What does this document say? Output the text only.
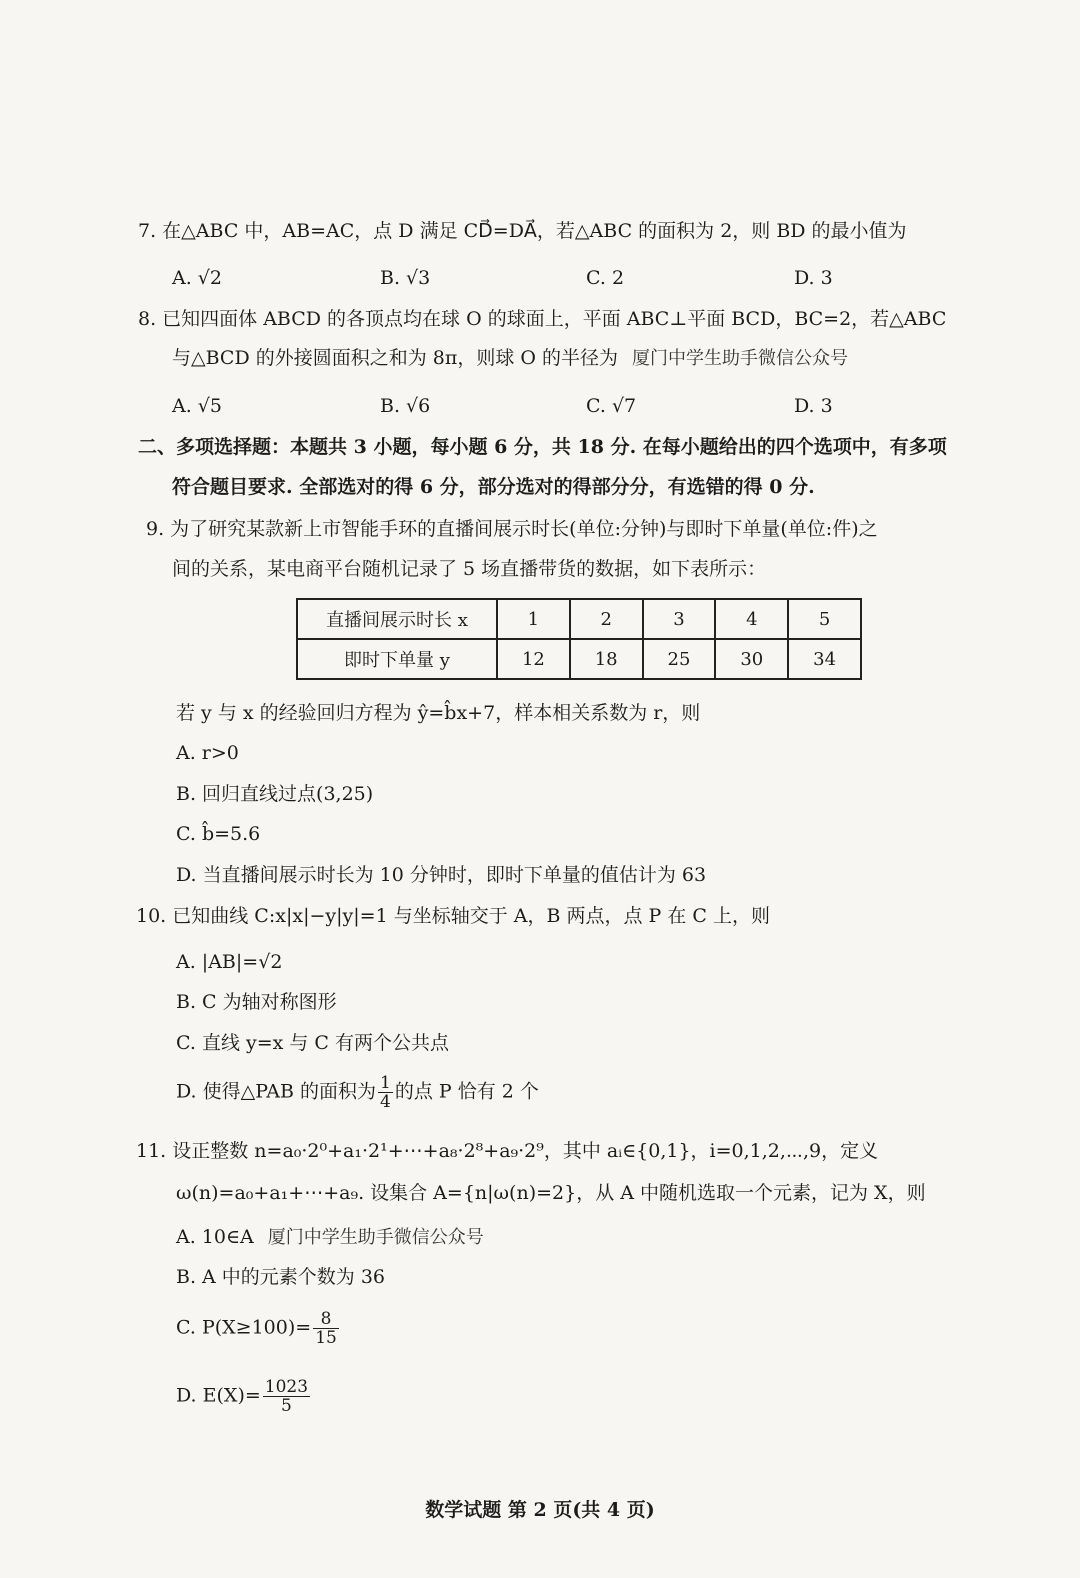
7. 在△ABC 中，AB=AC，点 D 满足 CD⃗=DA⃗，若△ABC 的面积为 2，则 BD 的最小值为
A. √2	B. √3	C. 2	D. 3
8. 已知四面体 ABCD 的各顶点均在球 O 的球面上，平面 ABC⊥平面 BCD，BC=2，若△ABC
与△BCD 的外接圆面积之和为 8π，则球 O 的半径为 厦门中学生助手微信公众号
A. √5	B. √6	C. √7	D. 3
二、多项选择题：本题共 3 小题，每小题 6 分，共 18 分. 在每小题给出的四个选项中，有多项
符合题目要求. 全部选对的得 6 分，部分选对的得部分分，有选错的得 0 分.
9. 为了研究某款新上市智能手环的直播间展示时长(单位:分钟)与即时下单量(单位:件)之
间的关系，某电商平台随机记录了 5 场直播带货的数据，如下表所示：
直播间展示时长 x	1	2	3	4	5
即时下单量 y	12	18	25	30	34
若 y 与 x 的经验回归方程为 ŷ=b̂x+7，样本相关系数为 r，则
A. r>0
B. 回归直线过点(3,25)
C. b̂=5.6
D. 当直播间展示时长为 10 分钟时，即时下单量的值估计为 63
10. 已知曲线 C:x|x|−y|y|=1 与坐标轴交于 A，B 两点，点 P 在 C 上，则
A. |AB|=√2
B. C 为轴对称图形
C. 直线 y=x 与 C 有两个公共点
D. 使得△PAB 的面积为 $\frac{1}{4}$ 的点 P 恰有 2 个
11. 设正整数 n=a₀·2⁰+a₁·2¹+⋯+a₈·2⁸+a₉·2⁹，其中 aᵢ∈{0,1}，i=0,1,2,⋯,9，定义
ω(n)=a₀+a₁+⋯+a₉. 设集合 A={n|ω(n)=2}，从 A 中随机选取一个元素，记为 X，则
A. 10∈A 厦门中学生助手微信公众号
B. A 中的元素个数为 36
C. $P(X\ge 100)= \frac{8}{15}$
D. $E(X)= \frac{1023}{5}$
数学试题 第 2 页(共 4 页)
